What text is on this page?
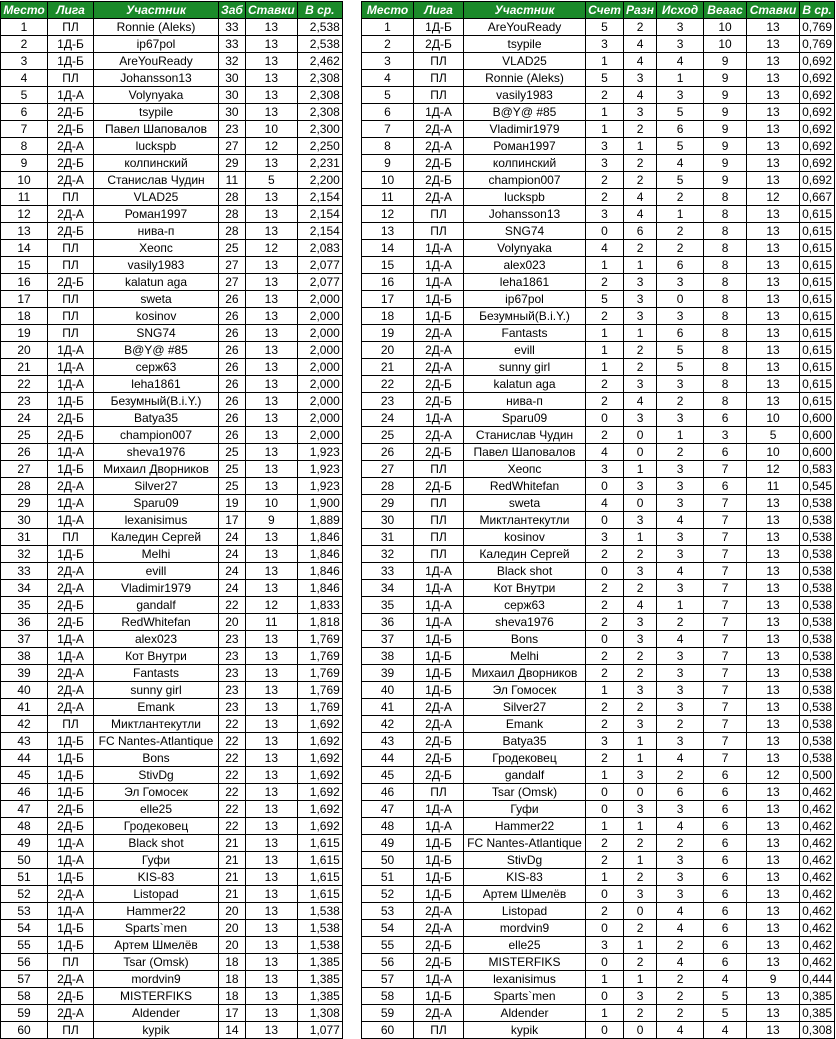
Место	Лига	Участник	Заб	Ставки	В ср.
1	ПЛ	Ronnie (Aleks)	33	13	2,538
2	1Д-Б	ip67pol	33	13	2,538
3	1Д-Б	AreYouReady	32	13	2,462
4	ПЛ	Johansson13	30	13	2,308
5	1Д-А	Volynyaka	30	13	2,308
6	2Д-Б	tsypile	30	13	2,308
7	2Д-Б	Павел Шаповалов	23	10	2,300
8	2Д-А	luckspb	27	12	2,250
9	2Д-Б	колпинский	29	13	2,231
10	2Д-А	Станислав Чудин	11	5	2,200
11	ПЛ	VLAD25	28	13	2,154
12	2Д-А	Роман1997	28	13	2,154
13	2Д-Б	нива-п	28	13	2,154
14	ПЛ	Хеопс	25	12	2,083
15	ПЛ	vasily1983	27	13	2,077
16	2Д-Б	kalatun aga	27	13	2,077
17	ПЛ	sweta	26	13	2,000
18	ПЛ	kosinov	26	13	2,000
19	ПЛ	SNG74	26	13	2,000
20	1Д-А	B@Y@ #85	26	13	2,000
21	1Д-А	серж63	26	13	2,000
22	1Д-А	leha1861	26	13	2,000
23	1Д-Б	Безумный(B.i.Y.)	26	13	2,000
24	2Д-Б	Batya35	26	13	2,000
25	2Д-Б	champion007	26	13	2,000
26	1Д-А	sheva1976	25	13	1,923
27	1Д-Б	Михаил Дворников	25	13	1,923
28	2Д-А	Silver27	25	13	1,923
29	1Д-А	Sparu09	19	10	1,900
30	1Д-А	lexanisimus	17	9	1,889
31	ПЛ	Каледин Сергей	24	13	1,846
32	1Д-Б	Melhi	24	13	1,846
33	2Д-А	evill	24	13	1,846
34	2Д-А	Vladimir1979	24	13	1,846
35	2Д-Б	gandalf	22	12	1,833
36	2Д-Б	RedWhitefan	20	11	1,818
37	1Д-А	alex023	23	13	1,769
38	1Д-А	Кот Внутри	23	13	1,769
39	2Д-А	Fantasts	23	13	1,769
40	2Д-А	sunny girl	23	13	1,769
41	2Д-А	Emank	23	13	1,769
42	ПЛ	Миктлантекутли	22	13	1,692
43	1Д-Б	FC Nantes-Atlantique	22	13	1,692
44	1Д-Б	Bons	22	13	1,692
45	1Д-Б	StivDg	22	13	1,692
46	1Д-Б	Эл Гомосек	22	13	1,692
47	2Д-Б	elle25	22	13	1,692
48	2Д-Б	Гродековец	22	13	1,692
49	1Д-А	Black shot	21	13	1,615
50	1Д-А	Гуфи	21	13	1,615
51	1Д-Б	KIS-83	21	13	1,615
52	2Д-А	Listopad	21	13	1,615
53	1Д-А	Hammer22	20	13	1,538
54	1Д-Б	Sparts`men	20	13	1,538
55	1Д-Б	Артем Шмелёв	20	13	1,538
56	ПЛ	Tsar (Omsk)	18	13	1,385
57	2Д-А	mordvin9	18	13	1,385
58	2Д-Б	MISTERFIKS	18	13	1,385
59	2Д-А	Aldender	17	13	1,308
60	ПЛ	kypik	14	13	1,077
Место	Лига	Участник	Счет	Разн	Исход	Веаас	Ставки	В ср.
1	1Д-Б	AreYouReady	5	2	3	10	13	0,769
2	2Д-Б	tsypile	3	4	3	10	13	0,769
3	ПЛ	VLAD25	1	4	4	9	13	0,692
4	ПЛ	Ronnie (Aleks)	5	3	1	9	13	0,692
5	ПЛ	vasily1983	2	4	3	9	13	0,692
6	1Д-А	B@Y@ #85	1	3	5	9	13	0,692
7	2Д-А	Vladimir1979	1	2	6	9	13	0,692
8	2Д-А	Роман1997	3	1	5	9	13	0,692
9	2Д-Б	колпинский	3	2	4	9	13	0,692
10	2Д-Б	champion007	2	2	5	9	13	0,692
11	2Д-А	luckspb	2	4	2	8	12	0,667
12	ПЛ	Johansson13	3	4	1	8	13	0,615
13	ПЛ	SNG74	0	6	2	8	13	0,615
14	1Д-А	Volynyaka	4	2	2	8	13	0,615
15	1Д-А	alex023	1	1	6	8	13	0,615
16	1Д-А	leha1861	2	3	3	8	13	0,615
17	1Д-Б	ip67pol	5	3	0	8	13	0,615
18	1Д-Б	Безумный(B.i.Y.)	2	3	3	8	13	0,615
19	2Д-А	Fantasts	1	1	6	8	13	0,615
20	2Д-А	evill	1	2	5	8	13	0,615
21	2Д-А	sunny girl	1	2	5	8	13	0,615
22	2Д-Б	kalatun aga	2	3	3	8	13	0,615
23	2Д-Б	нива-п	2	4	2	8	13	0,615
24	1Д-А	Sparu09	0	3	3	6	10	0,600
25	2Д-А	Станислав Чудин	2	0	1	3	5	0,600
26	2Д-Б	Павел Шаповалов	4	0	2	6	10	0,600
27	ПЛ	Хеопс	3	1	3	7	12	0,583
28	2Д-Б	RedWhitefan	0	3	3	6	11	0,545
29	ПЛ	sweta	4	0	3	7	13	0,538
30	ПЛ	Миктлантекутли	0	3	4	7	13	0,538
31	ПЛ	kosinov	3	1	3	7	13	0,538
32	ПЛ	Каледин Сергей	2	2	3	7	13	0,538
33	1Д-А	Black shot	0	3	4	7	13	0,538
34	1Д-А	Кот Внутри	2	2	3	7	13	0,538
35	1Д-А	серж63	2	4	1	7	13	0,538
36	1Д-А	sheva1976	2	3	2	7	13	0,538
37	1Д-Б	Bons	0	3	4	7	13	0,538
38	1Д-Б	Melhi	2	2	3	7	13	0,538
39	1Д-Б	Михаил Дворников	2	2	3	7	13	0,538
40	1Д-Б	Эл Гомосек	1	3	3	7	13	0,538
41	2Д-А	Silver27	2	2	3	7	13	0,538
42	2Д-А	Emank	2	3	2	7	13	0,538
43	2Д-Б	Batya35	3	1	3	7	13	0,538
44	2Д-Б	Гродековец	2	1	4	7	13	0,538
45	2Д-Б	gandalf	1	3	2	6	12	0,500
46	ПЛ	Tsar (Omsk)	0	0	6	6	13	0,462
47	1Д-А	Гуфи	0	3	3	6	13	0,462
48	1Д-А	Hammer22	1	1	4	6	13	0,462
49	1Д-Б	FC Nantes-Atlantique	2	2	2	6	13	0,462
50	1Д-Б	StivDg	2	1	3	6	13	0,462
51	1Д-Б	KIS-83	1	2	3	6	13	0,462
52	1Д-Б	Артем Шмелёв	0	3	3	6	13	0,462
53	2Д-А	Listopad	2	0	4	6	13	0,462
54	2Д-А	mordvin9	0	2	4	6	13	0,462
55	2Д-Б	elle25	3	1	2	6	13	0,462
56	2Д-Б	MISTERFIKS	0	2	4	6	13	0,462
57	1Д-А	lexanisimus	1	1	2	4	9	0,444
58	1Д-Б	Sparts`men	0	3	2	5	13	0,385
59	2Д-А	Aldender	1	2	2	5	13	0,385
60	ПЛ	kypik	0	0	4	4	13	0,308
